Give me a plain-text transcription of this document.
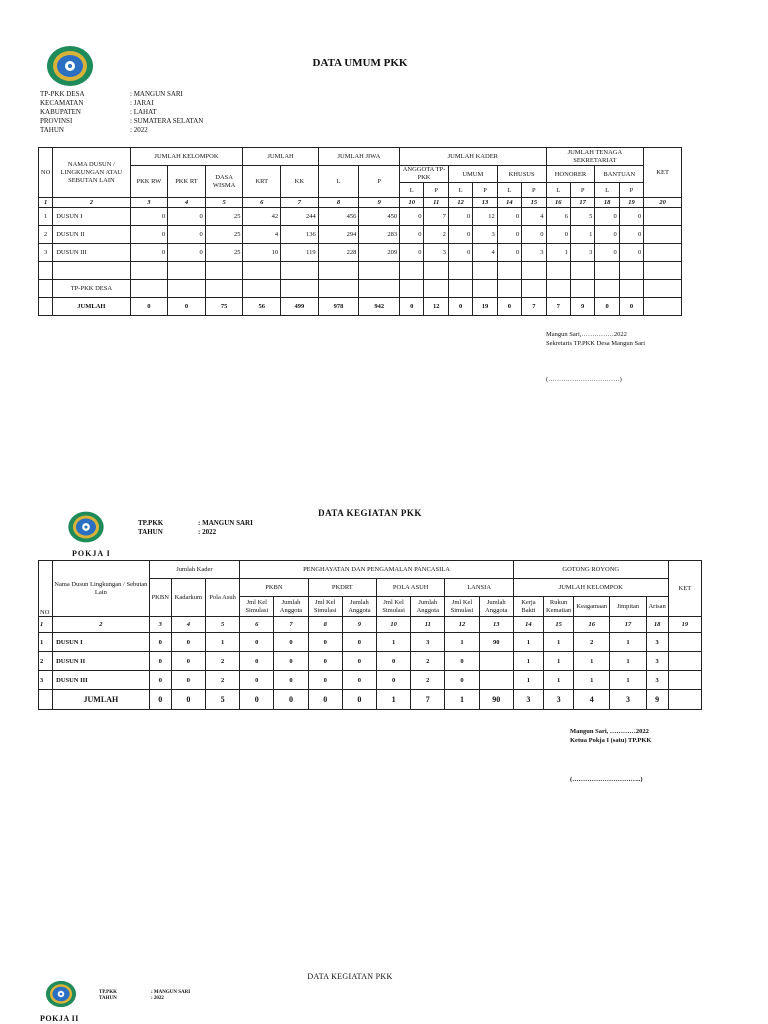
DATA UMUM PKK
TP-PKK DESA	: MANGUN SARI
KECAMATAN	: JARAI
KABUPATEN	: LAHAT
PROVINSI	: SUMATERA SELATAN
TAHUN	: 2022
NO	NAMA DUSUN / LINGKUNGAN ATAU SEBUTAN LAIN	JUMLAH KELOMPOK			JUMLAH		JUMLAH JIWA		JUMLAH KADER						JUMLAH TENAGA SEKRETARIAT				KET
		PKK RW	PKK RT	DASA WISMA	KRT	KK	L	P	ANGGOTA TP-PKK		UMUM		KHUSUS		HONORER		BANTUAN		
									L	P	L	P	L	P	L	P	L	P	
1	2	3	4	5	6	7	8	9	10	11	12	13	14	15	16	17	18	19	20
1	DUSUN I	0	0	25	42	244	456	450	0	7	0	12	0	4	6	5	0	0	
2	DUSUN II	0	0	25	4	136	294	283	0	2	0	3	0	0	0	1	0	0	
3	DUSUN III	0	0	25	10	119	228	209	0	3	0	4	0	3	1	3	0	0	

	TP-PKK DESA																		
	JUMLAH	0	0	75	56	499	978	942	0	12	0	19	0	7	7	9	0	0	
Mangun Sari,……………2022
Sekretaris TP.PKK Desa Mangun Sari
(……………………………)
POKJA I
DATA KEGIATAN PKK
TP.PKK	: MANGUN SARI
TAHUN	: 2022
NO	Nama Dusun Lingkungan / Sebutan Lain	Jumlah Kader			PENGHAYATAN DAN PENGAMALAN PANCASILA								GOTONG ROYONG					KET
		PKBN	Kadarkum	Pola Asuh	PKBN		PKDRT		POLA ASUH		LANSIA		JUMLAH KELOMPOK					
					Jml Kel Simulasi	Jumlah Anggota	Jml Kel Simulasi	Jumlah Anggota	Jml Kel Simulasi	Jumlah Anggota	Jml Kel Simulasi	Jumlah Anggota	Kerja Bakti	Rukun Kematian	Keagamaan	Jimpitan	Arisan	
1	2	3	4	5	6	7	8	9	10	11	12	13	14	15	16	17	18	19
1	DUSUN I	0	0	1	0	0	0	0	1	3	1	90	1	1	2	1	3	
2	DUSUN II	0	0	2	0	0	0	0	0	2	0		1	1	1	1	3	
3	DUSUN III	0	0	2	0	0	0	0	0	2	0		1	1	1	1	3	
	JUMLAH	0	0	5	0	0	0	0	1	7	1	90	3	3	4	3	9	
Mangun Sari, …………2022
Ketua Pokja I (satu) TP.PKK
(…………………………..)
POKJA II
DATA KEGIATAN PKK
TP.PKK	: MANGUN SARI
TAHUN	: 2022
